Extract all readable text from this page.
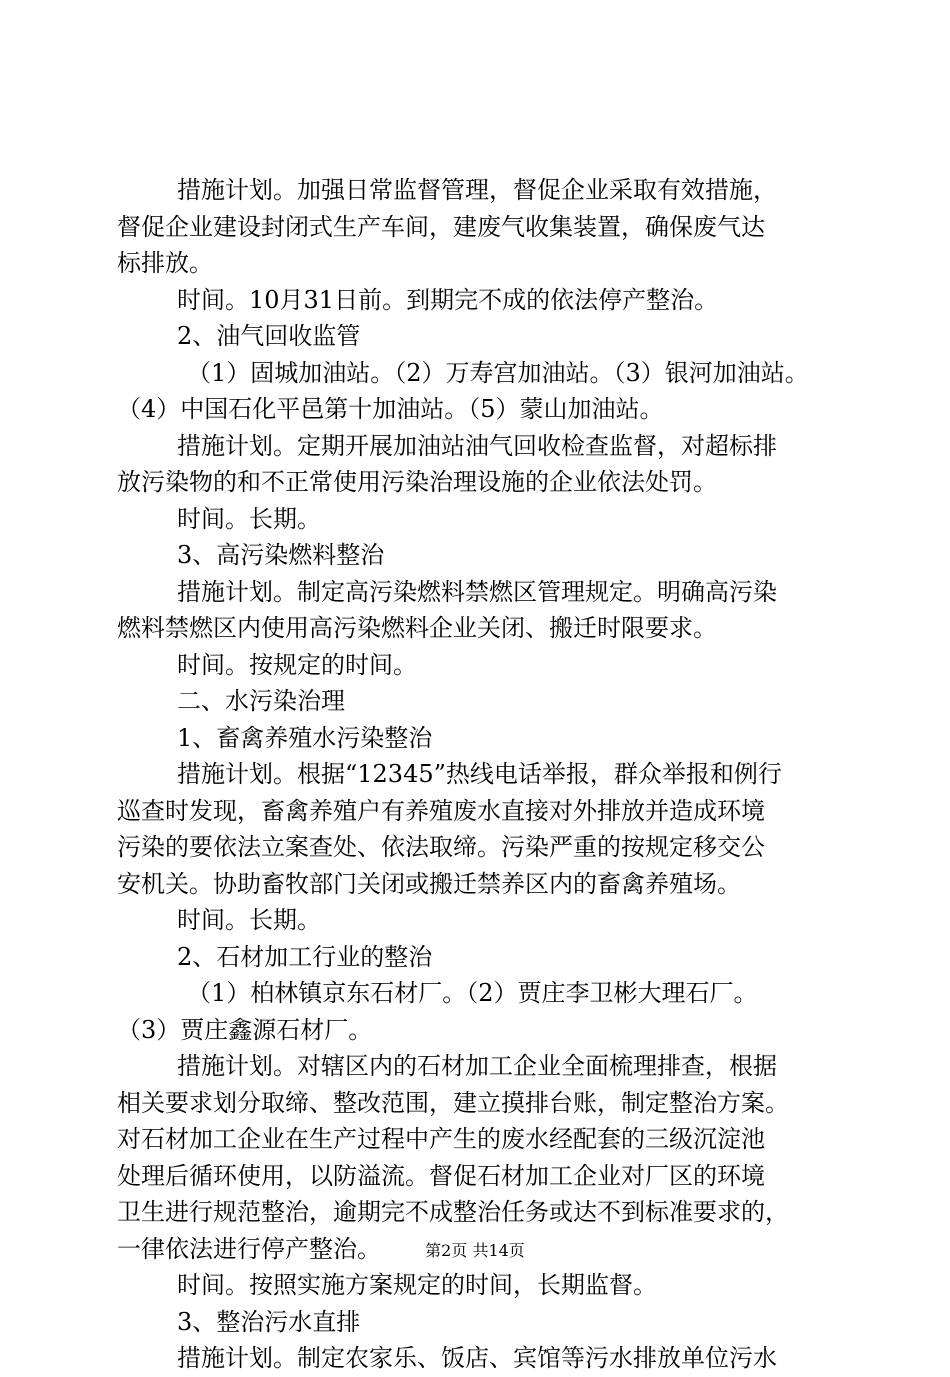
措施计划。加强日常监督管理，督促企业采取有效措施，
督促企业建设封闭式生产车间，建废气收集装置，确保废气达
标排放。
时间。10月31日前。到期完不成的依法停产整治。
2、油气回收监管
（1）固城加油站。（2）万寿宫加油站。（3）银河加油站。
（4）中国石化平邑第十加油站。（5）蒙山加油站。
措施计划。定期开展加油站油气回收检查监督，对超标排
放污染物的和不正常使用污染治理设施的企业依法处罚。
时间。长期。
3、高污染燃料整治
措施计划。制定高污染燃料禁燃区管理规定。明确高污染
燃料禁燃区内使用高污染燃料企业关闭、搬迁时限要求。
时间。按规定的时间。
二、水污染治理
1、畜禽养殖水污染整治
措施计划。根据“12345”热线电话举报，群众举报和例行
巡查时发现，畜禽养殖户有养殖废水直接对外排放并造成环境
污染的要依法立案查处、依法取缔。污染严重的按规定移交公
安机关。协助畜牧部门关闭或搬迁禁养区内的畜禽养殖场。
时间。长期。
2、石材加工行业的整治
（1）柏林镇京东石材厂。（2）贾庄李卫彬大理石厂。
（3）贾庄鑫源石材厂。
措施计划。对辖区内的石材加工企业全面梳理排查，根据
相关要求划分取缔、整改范围，建立摸排台账，制定整治方案。
对石材加工企业在生产过程中产生的废水经配套的三级沉淀池
处理后循环使用，以防溢流。督促石材加工企业对厂区的环境
卫生进行规范整治，逾期完不成整治任务或达不到标准要求的，
一律依法进行停产整治。
时间。按照实施方案规定的时间，长期监督。
3、整治污水直排
措施计划。制定农家乐、饭店、宾馆等污水排放单位污水
第2页 共14页
